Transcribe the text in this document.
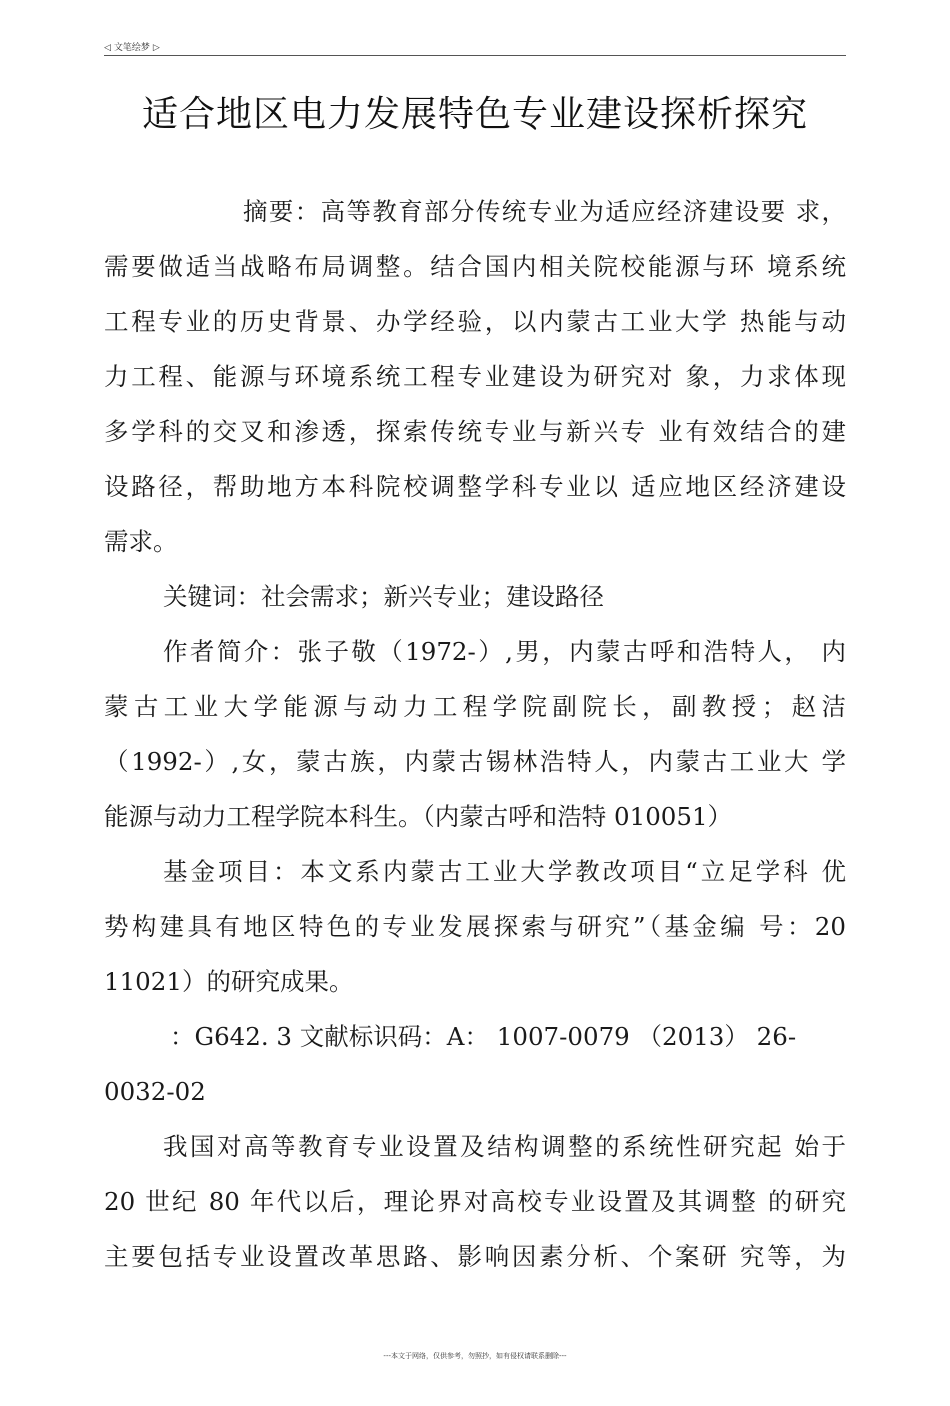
◁ 文笔绘梦 ▷
适合地区电力发展特色专业建设探析探究
摘要：高等教育部分传统专业为适应经济建设要 求，
需要做适当战略布局调整。结合国内相关院校能源与环 境系统
工程专业的历史背景、办学经验，以内蒙古工业大学 热能与动
力工程、能源与环境系统工程专业建设为研究对 象，力求体现
多学科的交叉和渗透，探索传统专业与新兴专 业有效结合的建
设路径，帮助地方本科院校调整学科专业以 适应地区经济建设
需求。
关键词：社会需求；新兴专业；建设路径
作者简介：张子敬（1972-）,男，内蒙古呼和浩特人， 内
蒙古工业大学能源与动力工程学院副院长，副教授；赵洁
（1992-）,女，蒙古族，内蒙古锡林浩特人，内蒙古工业大 学
能源与动力工程学院本科生。（内蒙古呼和浩特 010051）
基金项目：本文系内蒙古工业大学教改项目“立足学科 优
势构建具有地区特色的专业发展探索与研究”（基金编 号：20
11021）的研究成果。
：G642. 3 文献标识码：A： 1007-0079 （2013） 26-
0032-02
我国对高等教育专业设置及结构调整的系统性研究起 始于
20 世纪 80 年代以后，理论界对高校专业设置及其调整 的研究
主要包括专业设置改革思路、影响因素分析、个案研 究等，为
---本文于网络，仅供参考，勿照抄，如有侵权请联系删除---
